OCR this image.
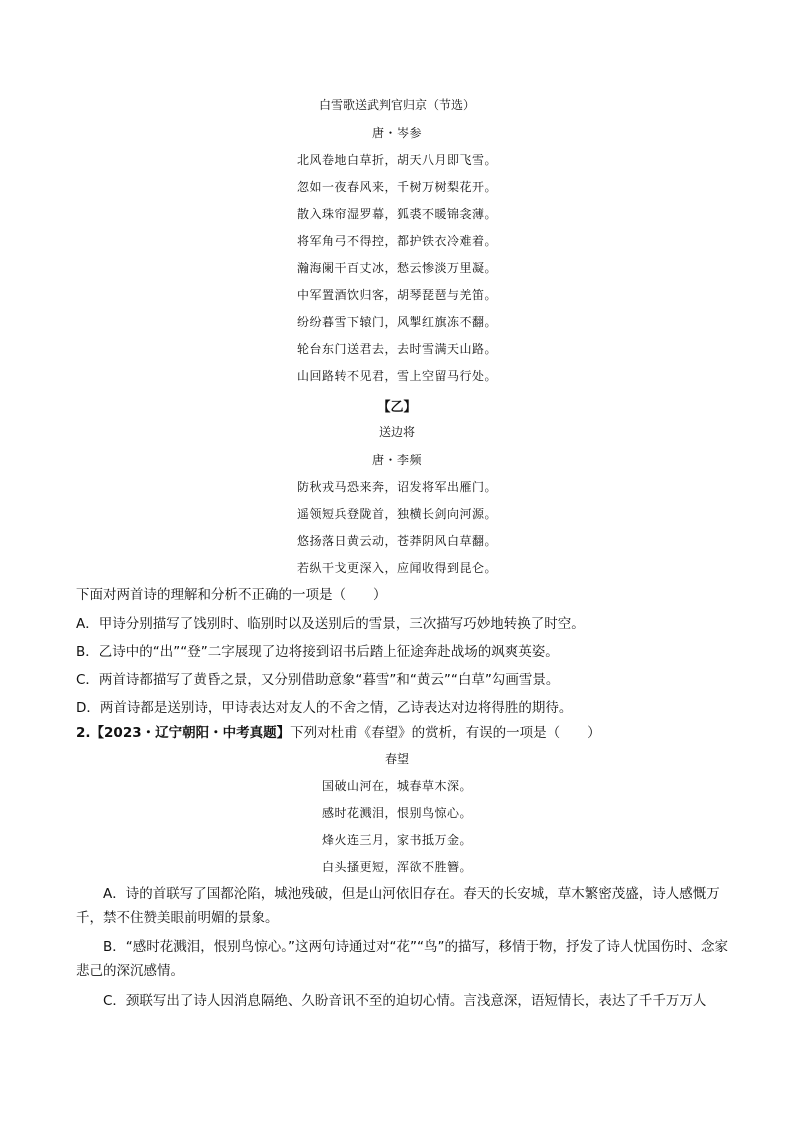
白雪歌送武判官归京（节选）
唐・岑参
北风卷地白草折，胡天八月即飞雪。
忽如一夜春风来，千树万树梨花开。
散入珠帘湿罗幕，狐裘不暖锦衾薄。
将军角弓不得控，都护铁衣冷难着。
瀚海阑干百丈冰，愁云惨淡万里凝。
中军置酒饮归客，胡琴琵琶与羌笛。
纷纷暮雪下辕门，风掣红旗冻不翻。
轮台东门送君去，去时雪满天山路。
山回路转不见君，雪上空留马行处。
【乙】
送边将
唐・李频
防秋戎马恐来奔，诏发将军出雁门。
遥领短兵登陇首，独横长剑向河源。
悠扬落日黄云动，苍莽阴风白草翻。
若纵干戈更深入，应闻收得到昆仑。
下面对两首诗的理解和分析不正确的一项是（　　）
A．甲诗分别描写了饯别时、临别时以及送别后的雪景，三次描写巧妙地转换了时空。
B．乙诗中的“出”“登”二字展现了边将接到诏书后踏上征途奔赴战场的飒爽英姿。
C．两首诗都描写了黄昏之景，又分别借助意象“暮雪”和“黄云”“白草”勾画雪景。
D．两首诗都是送别诗，甲诗表达对友人的不舍之情，乙诗表达对边将得胜的期待。
2.【2023・辽宁朝阳・中考真题】下列对杜甫《春望》的赏析，有误的一项是（　　）
春望
国破山河在，城春草木深。
感时花溅泪，恨别鸟惊心。
烽火连三月，家书抵万金。
白头搔更短，浑欲不胜簪。
A．诗的首联写了国都沦陷，城池残破，但是山河依旧存在。春天的长安城，草木繁密茂盛，诗人感慨万千，禁不住赞美眼前明媚的景象。
B．“感时花溅泪，恨别鸟惊心。”这两句诗通过对“花”“鸟”的描写，移情于物，抒发了诗人忧国伤时、念家悲己的深沉感情。
C．颈联写出了诗人因消息隔绝、久盼音讯不至的迫切心情。言浅意深，语短情长，表达了千千万万人
